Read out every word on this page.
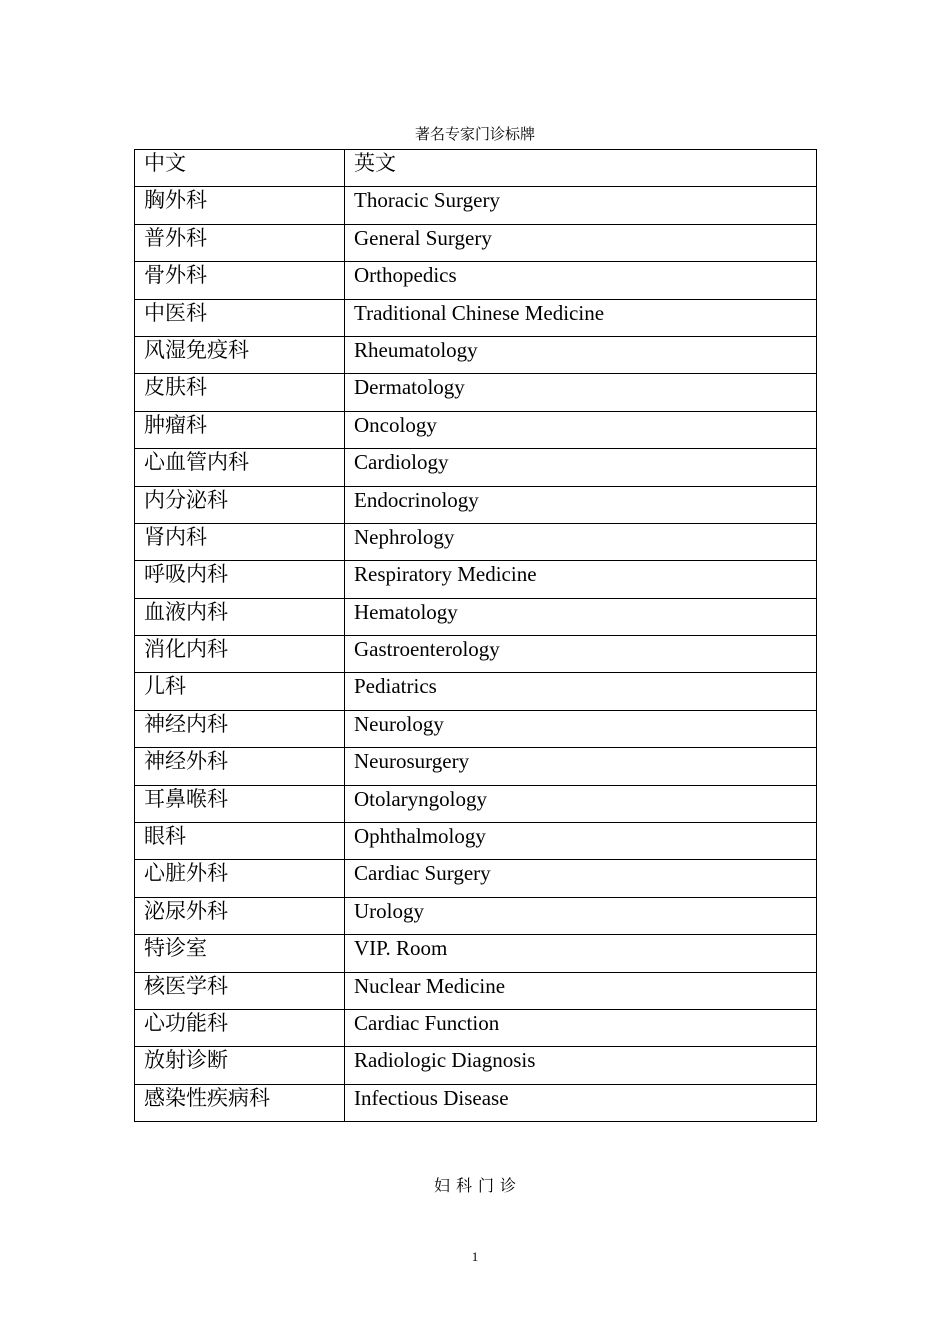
著名专家门诊标牌
中文	英文
胸外科	Thoracic Surgery
普外科	General Surgery
骨外科	Orthopedics
中医科	Traditional Chinese Medicine
风湿免疫科	Rheumatology
皮肤科	Dermatology
肿瘤科	Oncology
心血管内科	Cardiology
内分泌科	Endocrinology
肾内科	Nephrology
呼吸内科	Respiratory Medicine
血液内科	Hematology
消化内科	Gastroenterology
儿科	Pediatrics
神经内科	Neurology
神经外科	Neurosurgery
耳鼻喉科	Otolaryngology
眼科	Ophthalmology
心脏外科	Cardiac Surgery
泌尿外科	Urology
特诊室	VIP. Room
核医学科	Nuclear Medicine
心功能科	Cardiac Function
放射诊断	Radiologic Diagnosis
感染性疾病科	Infectious Disease
妇科门诊
1
